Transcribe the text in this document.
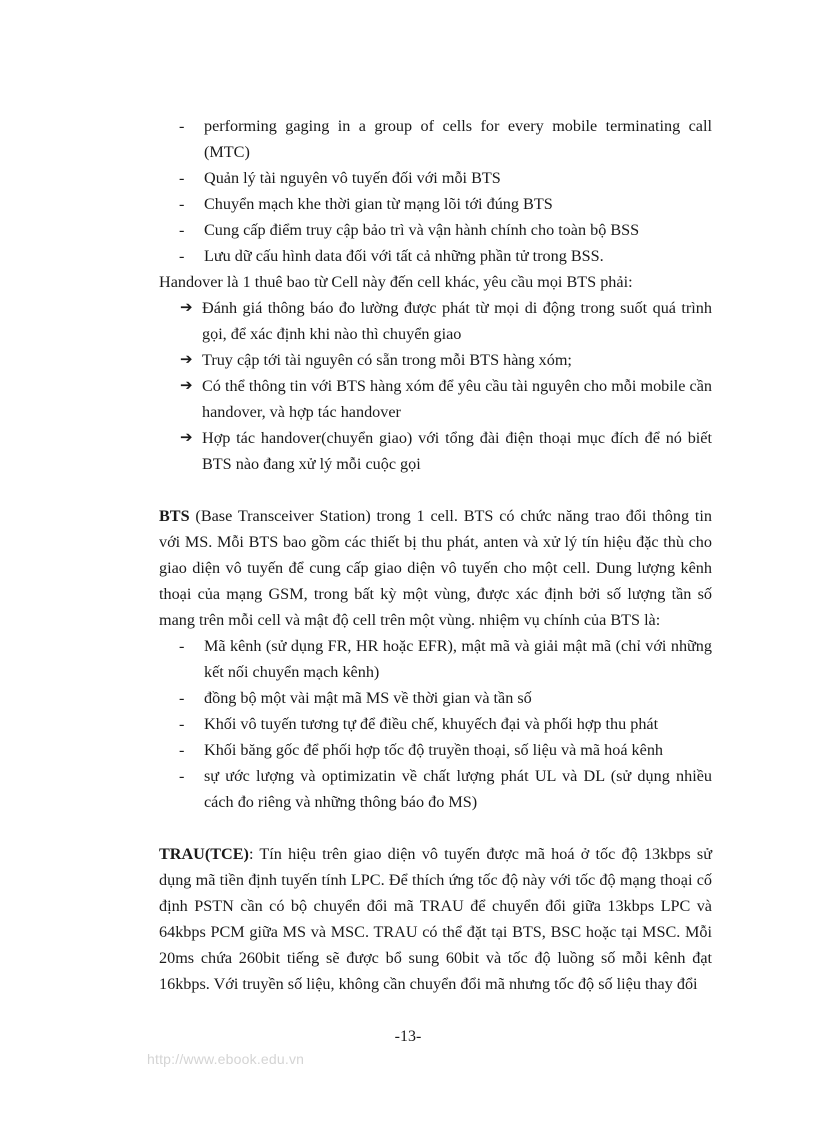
-	performing gaging in a group of cells for every mobile terminating call (MTC)
-	Quản lý tài nguyên vô tuyến đối với mỗi BTS
-	Chuyển mạch khe thời gian từ mạng lõi tới đúng BTS
-	Cung cấp điểm truy cập bảo trì và vận hành chính cho toàn bộ BSS
-	Lưu dữ cấu hình data đối với tất cả những phần tử trong BSS.
Handover là 1 thuê bao từ Cell này đến cell khác, yêu cầu mọi BTS phải:
➔ Đánh giá thông báo đo lường được phát từ mọi di động trong suốt quá trình gọi, để xác định khi nào thì chuyển giao
➔ Truy cập tới tài nguyên có sẵn trong mỗi BTS hàng xóm;
➔ Có thể thông tin với BTS hàng xóm để yêu cầu tài nguyên cho mỗi mobile cần handover, và hợp tác handover
➔ Hợp tác handover(chuyển giao) với tổng đài điện thoại mục đích để nó biết BTS nào đang xử lý mỗi cuộc gọi
BTS (Base Transceiver Station) trong 1 cell. BTS có chức năng trao đổi thông tin với MS. Mỗi BTS bao gồm các thiết bị thu phát, anten và xử lý tín hiệu đặc thù cho giao diện vô tuyến để cung cấp giao diện vô tuyến cho một cell. Dung lượng kênh thoại của mạng GSM, trong bất kỳ một vùng, được xác định bởi số lượng tần số mang trên mỗi cell và mật độ cell trên một vùng. nhiệm vụ chính của BTS là:
-	Mã kênh (sử dụng FR, HR hoặc EFR), mật mã và giải mật mã (chỉ với những kết nối chuyển mạch kênh)
-	đồng bộ một vài mật mã MS về thời gian và tần số
-	Khối vô tuyến tương tự để điều chế, khuyếch đại và phối hợp thu phát
-	Khối băng gốc để phối hợp tốc độ truyền thoại, số liệu và mã hoá kênh
-	sự ước lượng và optimizatin về chất lượng phát UL và DL (sử dụng nhiều cách đo riêng và những thông báo đo MS)
TRAU(TCE): Tín hiệu trên giao diện vô tuyến được mã hoá ở tốc độ 13kbps sử dụng mã tiền định tuyến tính LPC. Để thích ứng tốc độ này với tốc độ mạng thoại cố định PSTN cần có bộ chuyển đổi mã TRAU để chuyển đổi giữa 13kbps LPC và 64kbps PCM giữa MS và MSC. TRAU có thể đặt tại BTS, BSC hoặc tại MSC. Mỗi 20ms chứa 260bit tiếng sẽ được bổ sung 60bit và tốc độ luồng số mỗi kênh đạt 16kbps. Với truyền số liệu, không cần chuyển đổi mã nhưng tốc độ số liệu thay đổi
-13-
http://www.ebook.edu.vn
